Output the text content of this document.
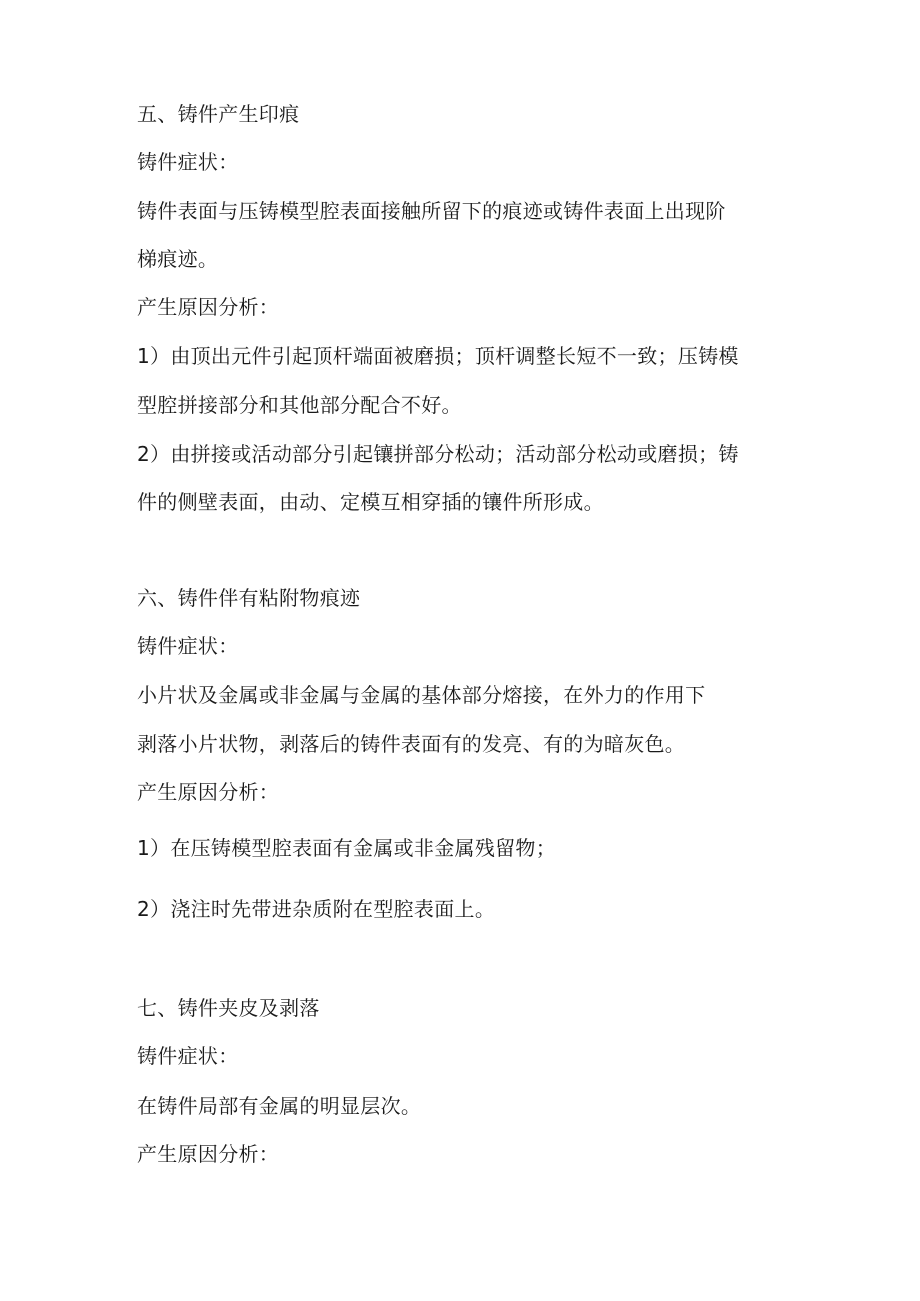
五、铸件产生印痕
铸件症状：
铸件表面与压铸模型腔表面接触所留下的痕迹或铸件表面上出现阶
梯痕迹。
产生原因分析：
1）由顶出元件引起顶杆端面被磨损；顶杆调整长短不一致；压铸模
型腔拼接部分和其他部分配合不好。
2）由拼接或活动部分引起镶拼部分松动；活动部分松动或磨损；铸
件的侧壁表面，由动、定模互相穿插的镶件所形成。
六、铸件伴有粘附物痕迹
铸件症状：
小片状及金属或非金属与金属的基体部分熔接，在外力的作用下
剥落小片状物，剥落后的铸件表面有的发亮、有的为暗灰色。
产生原因分析：
1）在压铸模型腔表面有金属或非金属残留物；
2）浇注时先带进杂质附在型腔表面上。
七、铸件夹皮及剥落
铸件症状：
在铸件局部有金属的明显层次。
产生原因分析：
